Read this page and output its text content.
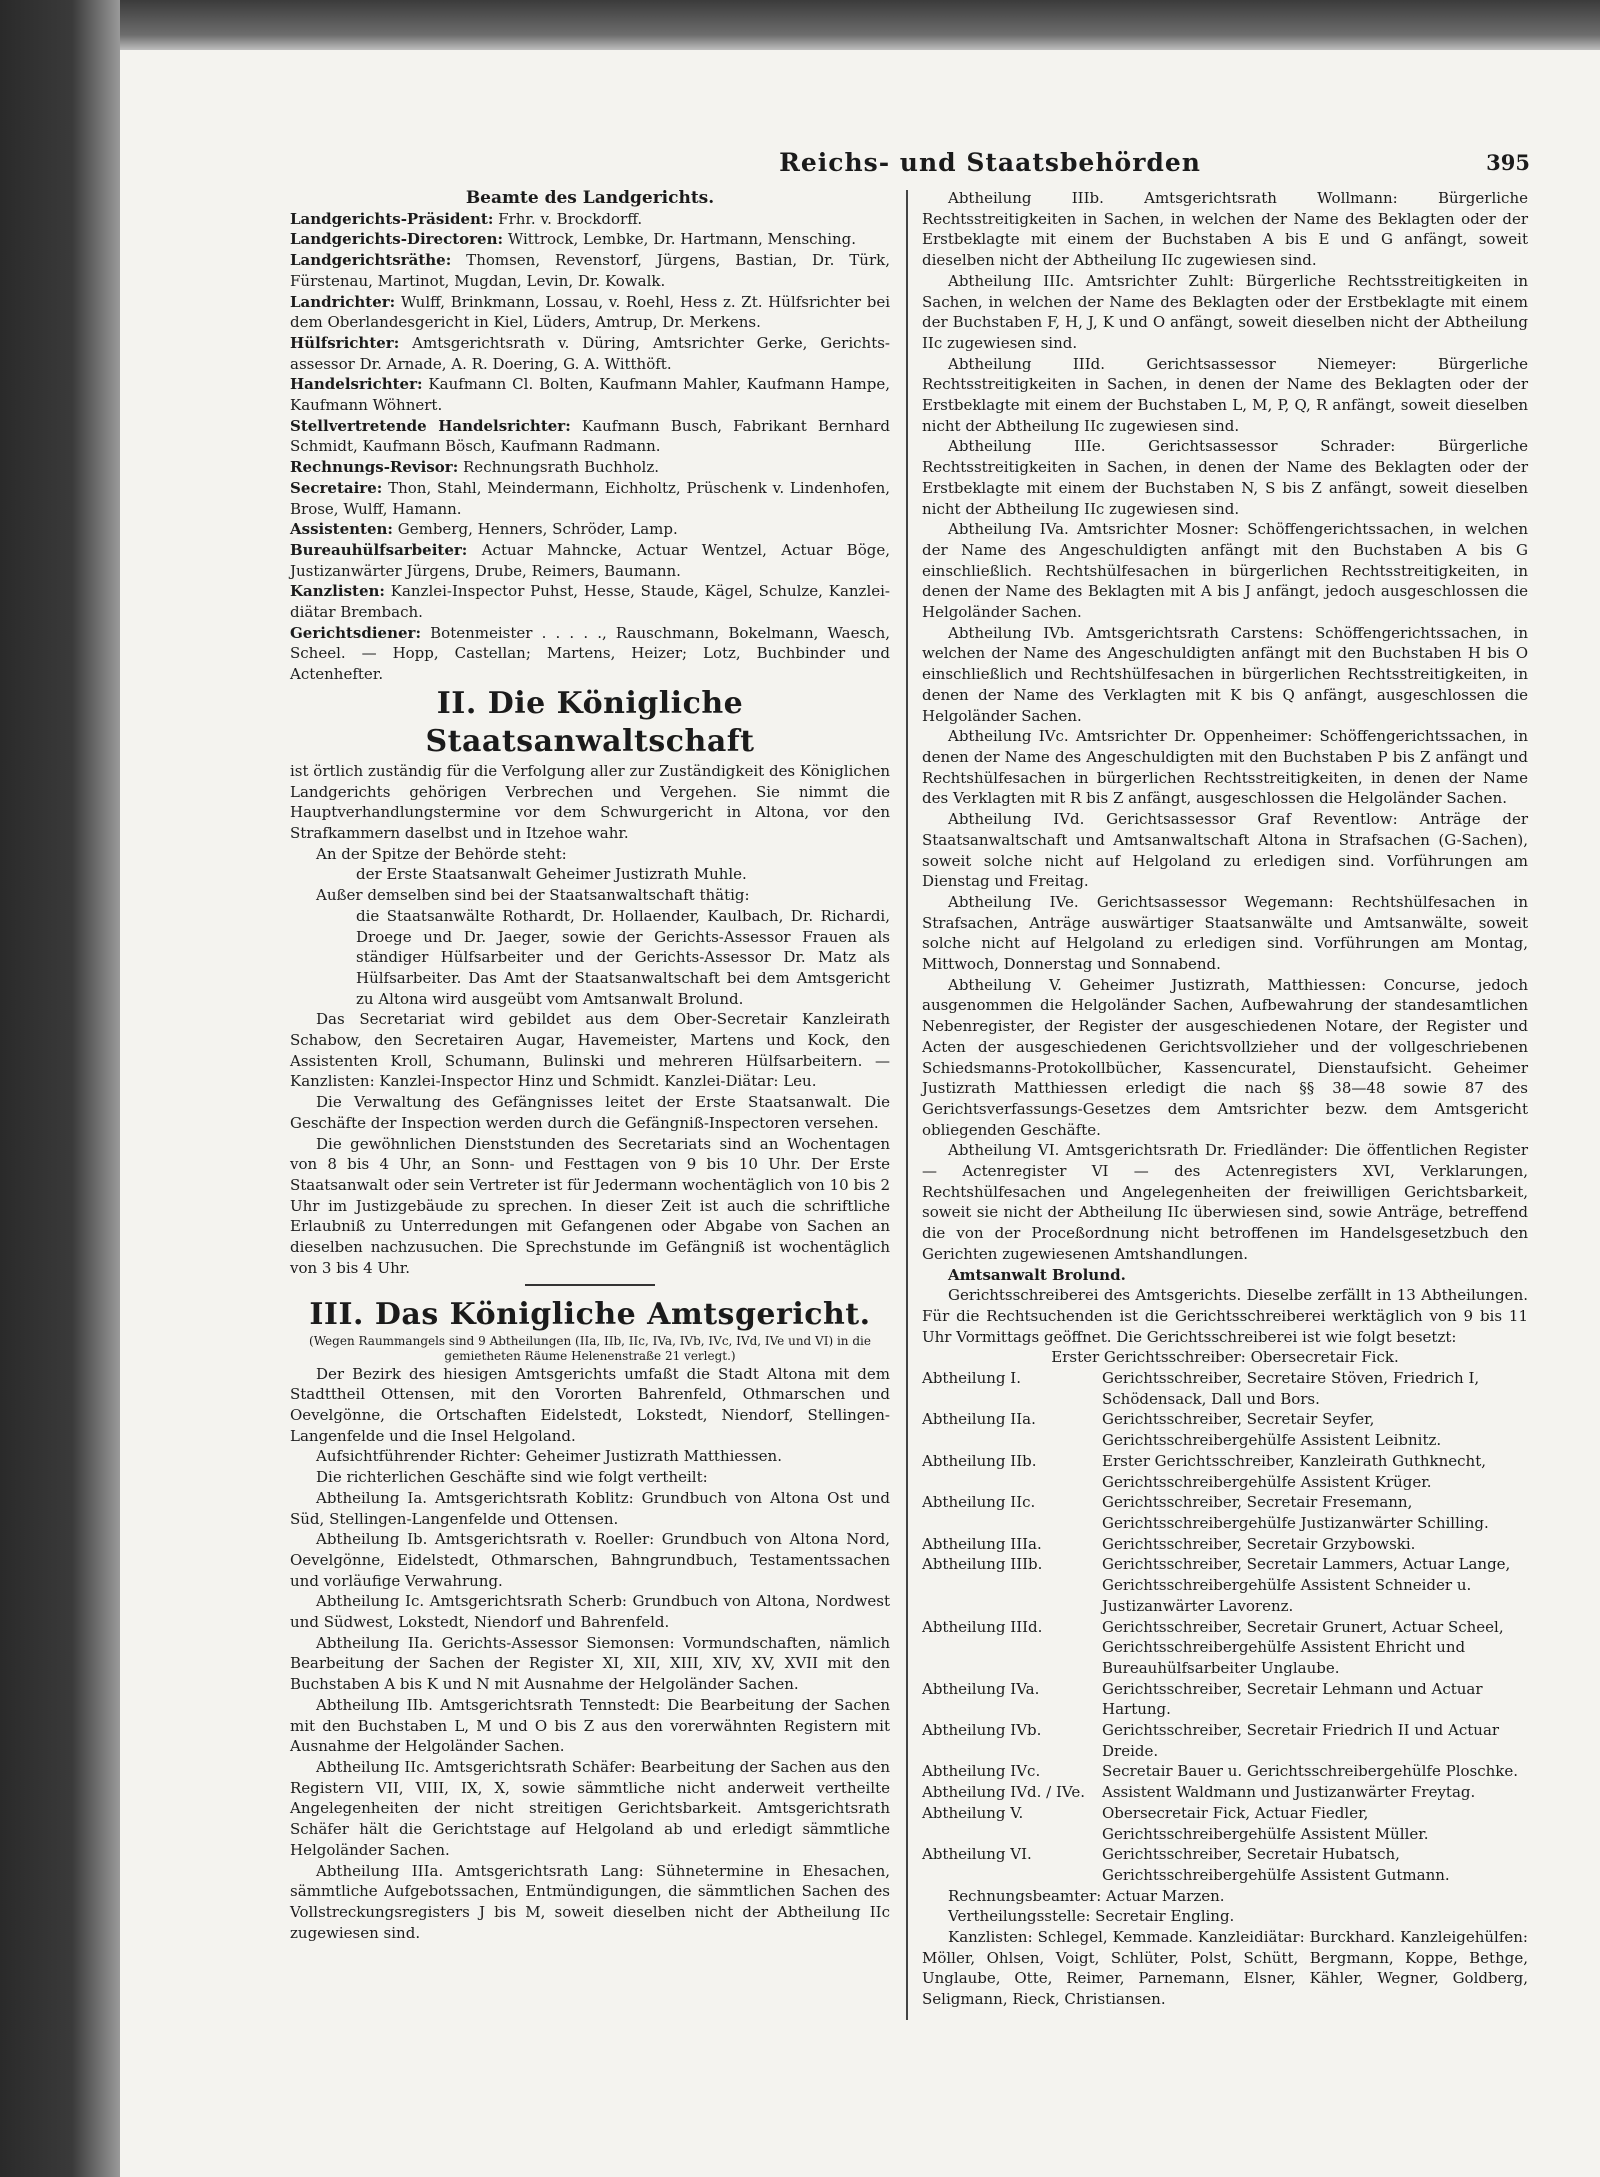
Reichs- und Staatsbehörden	395

Beamte des Landgerichts.

Landgerichts-Präsident: Frhr. v. Brockdorff.

Landgerichts-Directoren: Wittrock, Lembke, Dr. Hartmann, Mensching.

Landgerichtsräthe: Thomsen, Revenstorf, Jürgens, Bastian, Dr. Türk, Fürstenau, Martinot, Mugdan, Levin, Dr. Kowalk.

Landrichter: Wulff, Brinkmann, Lossau, v. Roehl, Hess z. Zt. Hülfsrichter bei dem Oberlandesgericht in Kiel, Lüders, Amtrup, Dr. Merkens.

Hülfsrichter: Amtsgerichtsrath v. Düring, Amtsrichter Gerke, Gerichts-assessor Dr. Arnade, A. R. Doering, G. A. Witthöft.

Handelsrichter: Kaufmann Cl. Bolten, Kaufmann Mahler, Kaufmann Hampe, Kaufmann Wöhnert.

Stellvertretende Handelsrichter: Kaufmann Busch, Fabrikant Bernhard Schmidt, Kaufmann Bösch, Kaufmann Radmann.

Rechnungs-Revisor: Rechnungsrath Buchholz.

Secretaire: Thon, Stahl, Meindermann, Eichholtz, Prüschenk v. Lindenhofen, Brose, Wulff, Hamann.

Assistenten: Gemberg, Henners, Schröder, Lamp.

Bureauhülfsarbeiter: Actuar Mahncke, Actuar Wentzel, Actuar Böge, Justizanwärter Jürgens, Drube, Reimers, Baumann.

Kanzlisten: Kanzlei-Inspector Puhst, Hesse, Staude, Kägel, Schulze, Kanzlei-diätar Brembach.

Gerichtsdiener: Botenmeister . . . . ., Rauschmann, Bokelmann, Waesch, Scheel. — Hopp, Castellan; Martens, Heizer; Lotz, Buchbinder und Actenhefter.

II. Die Königliche Staatsanwaltschaft

ist örtlich zuständig für die Verfolgung aller zur Zuständigkeit des Königlichen Landgerichts gehörigen Verbrechen und Vergehen. Sie nimmt die Hauptverhandlungstermine vor dem Schwurgericht in Altona, vor den Strafkammern daselbst und in Itzehoe wahr.

An der Spitze der Behörde steht:

der Erste Staatsanwalt Geheimer Justizrath Muhle.

Außer demselben sind bei der Staatsanwaltschaft thätig:

die Staatsanwälte Rothardt, Dr. Hollaender, Kaulbach, Dr. Richardi, Droege und Dr. Jaeger, sowie der Gerichts-Assessor Frauen als ständiger Hülfsarbeiter und der Gerichts-Assessor Dr. Matz als Hülfsarbeiter. Das Amt der Staatsanwaltschaft bei dem Amtsgericht zu Altona wird ausgeübt vom Amtsanwalt Brolund.

Das Secretariat wird gebildet aus dem Ober-Secretair Kanzleirath Schabow, den Secretairen Augar, Havemeister, Martens und Kock, den Assistenten Kroll, Schumann, Bulinski und mehreren Hülfsarbeitern. — Kanzlisten: Kanzlei-Inspector Hinz und Schmidt. Kanzlei-Diätar: Leu.

Die Verwaltung des Gefängnisses leitet der Erste Staatsanwalt. Die Geschäfte der Inspection werden durch die Gefängniß-Inspectoren versehen.

Die gewöhnlichen Dienststunden des Secretariats sind an Wochentagen von 8 bis 4 Uhr, an Sonn- und Festtagen von 9 bis 10 Uhr. Der Erste Staatsanwalt oder sein Vertreter ist für Jedermann wochentäglich von 10 bis 2 Uhr im Justizgebäude zu sprechen. In dieser Zeit ist auch die schriftliche Erlaubniß zu Unterredungen mit Gefangenen oder Abgabe von Sachen an dieselben nachzusuchen. Die Sprechstunde im Gefängniß ist wochentäglich von 3 bis 4 Uhr.

III. Das Königliche Amtsgericht.

(Wegen Raummangels sind 9 Abtheilungen (IIa, IIb, IIc, IVa, IVb, IVc, IVd, IVe und VI) in die gemietheten Räume Helenenstraße 21 verlegt.)

Der Bezirk des hiesigen Amtsgerichts umfaßt die Stadt Altona mit dem Stadttheil Ottensen, mit den Vororten Bahrenfeld, Othmarschen und Oevelgönne, die Ortschaften Eidelstedt, Lokstedt, Niendorf, Stellingen-Langenfelde und die Insel Helgoland.

Aufsichtführender Richter: Geheimer Justizrath Matthiessen.

Die richterlichen Geschäfte sind wie folgt vertheilt:

Abtheilung Ia. Amtsgerichtsrath Koblitz: Grundbuch von Altona Ost und Süd, Stellingen-Langenfelde und Ottensen.

Abtheilung Ib. Amtsgerichtsrath v. Roeller: Grundbuch von Altona Nord, Oevelgönne, Eidelstedt, Othmarschen, Bahngrundbuch, Testamentssachen und vorläufige Verwahrung.

Abtheilung Ic. Amtsgerichtsrath Scherb: Grundbuch von Altona, Nordwest und Südwest, Lokstedt, Niendorf und Bahrenfeld.

Abtheilung IIa. Gerichts-Assessor Siemonsen: Vormundschaften, nämlich Bearbeitung der Sachen der Register XI, XII, XIII, XIV, XV, XVII mit den Buchstaben A bis K und N mit Ausnahme der Helgoländer Sachen.

Abtheilung IIb. Amtsgerichtsrath Tennstedt: Die Bearbeitung der Sachen mit den Buchstaben L, M und O bis Z aus den vorerwähnten Registern mit Ausnahme der Helgoländer Sachen.

Abtheilung IIc. Amtsgerichtsrath Schäfer: Bearbeitung der Sachen aus den Registern VII, VIII, IX, X, sowie sämmtliche nicht anderweit vertheilte Angelegenheiten der nicht streitigen Gerichtsbarkeit. Amtsgerichtsrath Schäfer hält die Gerichtstage auf Helgoland ab und erledigt sämmtliche Helgoländer Sachen.

Abtheilung IIIa. Amtsgerichtsrath Lang: Sühnetermine in Ehesachen, sämmtliche Aufgebotssachen, Entmündigungen, die sämmtlichen Sachen des Vollstreckungsregisters J bis M, soweit dieselben nicht der Abtheilung IIc zugewiesen sind.

Abtheilung IIIb. Amtsgerichtsrath Wollmann: Bürgerliche Rechtsstreitigkeiten in Sachen, in welchen der Name des Beklagten oder der Erstbeklagte mit einem der Buchstaben A bis E und G anfängt, soweit dieselben nicht der Abtheilung IIc zugewiesen sind.

Abtheilung IIIc. Amtsrichter Zuhlt: Bürgerliche Rechtsstreitigkeiten in Sachen, in welchen der Name des Beklagten oder der Erstbeklagte mit einem der Buchstaben F, H, J, K und O anfängt, soweit dieselben nicht der Abtheilung IIc zugewiesen sind.

Abtheilung IIId. Gerichtsassessor Niemeyer: Bürgerliche Rechtsstreitigkeiten in Sachen, in denen der Name des Beklagten oder der Erstbeklagte mit einem der Buchstaben L, M, P, Q, R anfängt, soweit dieselben nicht der Abtheilung IIc zugewiesen sind.

Abtheilung IIIe. Gerichtsassessor Schrader: Bürgerliche Rechtsstreitigkeiten in Sachen, in denen der Name des Beklagten oder der Erstbeklagte mit einem der Buchstaben N, S bis Z anfängt, soweit dieselben nicht der Abtheilung IIc zugewiesen sind.

Abtheilung IVa. Amtsrichter Mosner: Schöffengerichtssachen, in welchen der Name des Angeschuldigten anfängt mit den Buchstaben A bis G einschließlich. Rechtshülfesachen in bürgerlichen Rechtsstreitigkeiten, in denen der Name des Beklagten mit A bis J anfängt, jedoch ausgeschlossen die Helgoländer Sachen.

Abtheilung IVb. Amtsgerichtsrath Carstens: Schöffengerichtssachen, in welchen der Name des Angeschuldigten anfängt mit den Buchstaben H bis O einschließlich und Rechtshülfesachen in bürgerlichen Rechtsstreitigkeiten, in denen der Name des Verklagten mit K bis Q anfängt, ausgeschlossen die Helgoländer Sachen.

Abtheilung IVc. Amtsrichter Dr. Oppenheimer: Schöffengerichtssachen, in denen der Name des Angeschuldigten mit den Buchstaben P bis Z anfängt und Rechtshülfesachen in bürgerlichen Rechtsstreitigkeiten, in denen der Name des Verklagten mit R bis Z anfängt, ausgeschlossen die Helgoländer Sachen.

Abtheilung IVd. Gerichtsassessor Graf Reventlow: Anträge der Staatsanwaltschaft und Amtsanwaltschaft Altona in Strafsachen (G-Sachen), soweit solche nicht auf Helgoland zu erledigen sind. Vorführungen am Dienstag und Freitag.

Abtheilung IVe. Gerichtsassessor Wegemann: Rechtshülfesachen in Strafsachen, Anträge auswärtiger Staatsanwälte und Amtsanwälte, soweit solche nicht auf Helgoland zu erledigen sind. Vorführungen am Montag, Mittwoch, Donnerstag und Sonnabend.

Abtheilung V. Geheimer Justizrath, Matthiessen: Concurse, jedoch ausgenommen die Helgoländer Sachen, Aufbewahrung der standesamtlichen Nebenregister, der Register der ausgeschiedenen Notare, der Register und Acten der ausgeschiedenen Gerichtsvollzieher und der vollgeschriebenen Schiedsmanns-Protokollbücher, Kassencuratel, Dienstaufsicht. Geheimer Justizrath Matthiessen erledigt die nach §§ 38—48 sowie 87 des Gerichtsverfassungs-Gesetzes dem Amtsrichter bezw. dem Amtsgericht obliegenden Geschäfte.

Abtheilung VI. Amtsgerichtsrath Dr. Friedländer: Die öffentlichen Register — Actenregister VI — des Actenregisters XVI, Verklarungen, Rechtshülfesachen und Angelegenheiten der freiwilligen Gerichtsbarkeit, soweit sie nicht der Abtheilung IIc überwiesen sind, sowie Anträge, betreffend die von der Proceßordnung nicht betroffenen im Handelsgesetzbuch den Gerichten zugewiesenen Amtshandlungen.

Amtsanwalt Brolund.

Gerichtsschreiberei des Amtsgerichts. Dieselbe zerfällt in 13 Abtheilungen. Für die Rechtsuchenden ist die Gerichtsschreiberei werktäglich von 9 bis 11 Uhr Vormittags geöffnet. Die Gerichtsschreiberei ist wie folgt besetzt:

Erster Gerichtsschreiber: Obersecretair Fick.

Abtheilung I.	Gerichtsschreiber, Secretaire Stöven, Friedrich I, Schödensack, Dall und Bors.
Abtheilung IIa.	Gerichtsschreiber, Secretair Seyfer, Gerichtsschreibergehülfe Assistent Leibnitz.
Abtheilung IIb.	Erster Gerichtsschreiber, Kanzleirath Guthknecht, Gerichtsschreibergehülfe Assistent Krüger.
Abtheilung IIc.	Gerichtsschreiber, Secretair Fresemann, Gerichtsschreibergehülfe Justizanwärter Schilling.
Abtheilung IIIa.	Gerichtsschreiber, Secretair Grzybowski.
Abtheilung IIIb.	Gerichtsschreiber, Secretair Lammers, Actuar Lange, Gerichtsschreibergehülfe Assistent Schneider u. Justizanwärter Lavorenz.
Abtheilung IIId.	Gerichtsschreiber, Secretair Grunert, Actuar Scheel, Gerichtsschreibergehülfe Assistent Ehricht und Bureauhülfsarbeiter Unglaube.
Abtheilung IVa.	Gerichtsschreiber, Secretair Lehmann und Actuar Hartung.
Abtheilung IVb.	Gerichtsschreiber, Secretair Friedrich II und Actuar Dreide.
Abtheilung IVc.	Secretair Bauer u. Gerichtsschreibergehülfe Ploschke.
Abtheilung IVd. / IVe.	Assistent Waldmann und Justizanwärter Freytag.
Abtheilung V.	Obersecretair Fick, Actuar Fiedler, Gerichtsschreibergehülfe Assistent Müller.
Abtheilung VI.	Gerichtsschreiber, Secretair Hubatsch, Gerichtsschreibergehülfe Assistent Gutmann.

Rechnungsbeamter: Actuar Marzen.

Vertheilungsstelle: Secretair Engling.

Kanzlisten: Schlegel, Kemmade. Kanzleidiätar: Burckhard. Kanzleigehülfen: Möller, Ohlsen, Voigt, Schlüter, Polst, Schütt, Bergmann, Koppe, Bethge, Unglaube, Otte, Reimer, Parnemann, Elsner, Kähler, Wegner, Goldberg, Seligmann, Rieck, Christiansen.
